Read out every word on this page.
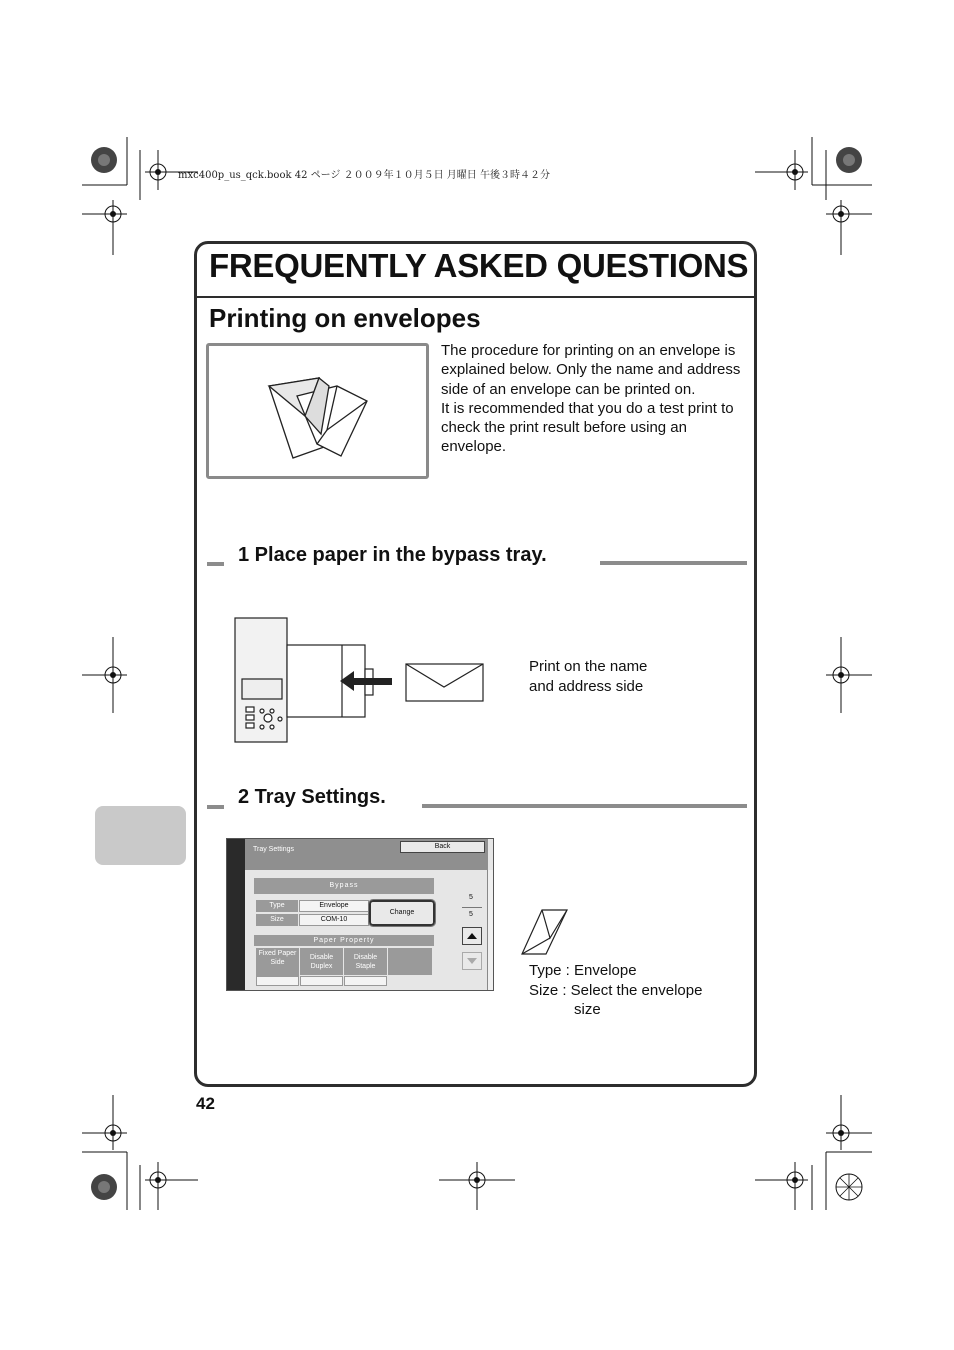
mxc400p_us_qck.book 42 ページ ２００９年１０月５日 月曜日 午後３時４２分
FREQUENTLY ASKED QUESTIONS
Printing on envelopes

The procedure for printing on an envelope is explained below. Only the name and address side of an envelope can be printed on.

It is recommended that you do a test print to check the print result before using an envelope.

1 Place paper in the bypass tray.
Print on the name
and address side
2 Tray Settings.
Tray Settings	Back
Bypass
Type	Envelope
Size	COM-10
Change
Paper Property
Fixed Paper Side
Disable Duplex
Disable Staple
5
5
Type : Envelope
Size : Select the envelope
size
42
